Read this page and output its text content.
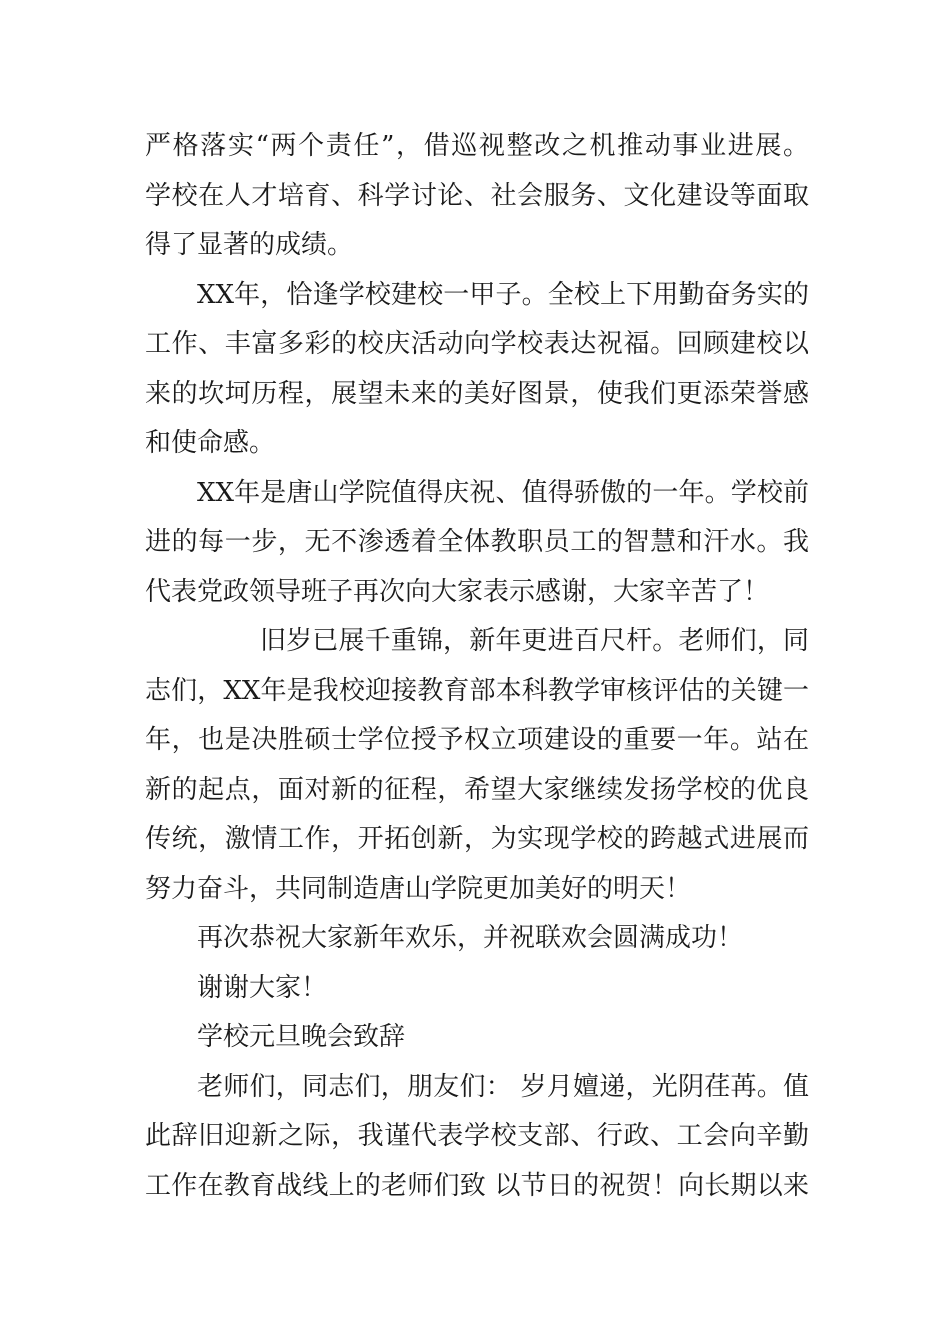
严格落实“两个责任”，借巡视整改之机推动事业进展。
学校在人才培育、科学讨论、社会服务、文化建设等面取
得了显著的成绩。
XX年，恰逢学校建校一甲子。全校上下用勤奋务实的
工作、丰富多彩的校庆活动向学校表达祝福。回顾建校以
来的坎坷历程，展望未来的美好图景，使我们更添荣誉感
和使命感。
XX年是唐山学院值得庆祝、值得骄傲的一年。学校前
进的每一步，无不渗透着全体教职员工的智慧和汗水。我
代表党政领导班子再次向大家表示感谢，大家辛苦了！
旧岁已展千重锦，新年更进百尺杆。老师们，同
志们，XX年是我校迎接教育部本科教学审核评估的关键一
年，也是决胜硕士学位授予权立项建设的重要一年。站在
新的起点，面对新的征程，希望大家继续发扬学校的优良
传统，激情工作，开拓创新，为实现学校的跨越式进展而
努力奋斗，共同制造唐山学院更加美好的明天！
再次恭祝大家新年欢乐，并祝联欢会圆满成功！
谢谢大家！
学校元旦晚会致辞
老师们，同志们，朋友们： 岁月嬗递，光阴荏苒。值
此辞旧迎新之际，我谨代表学校支部、行政、工会向辛勤
工作在教育战线上的老师们致 以节日的祝贺！向长期以来
